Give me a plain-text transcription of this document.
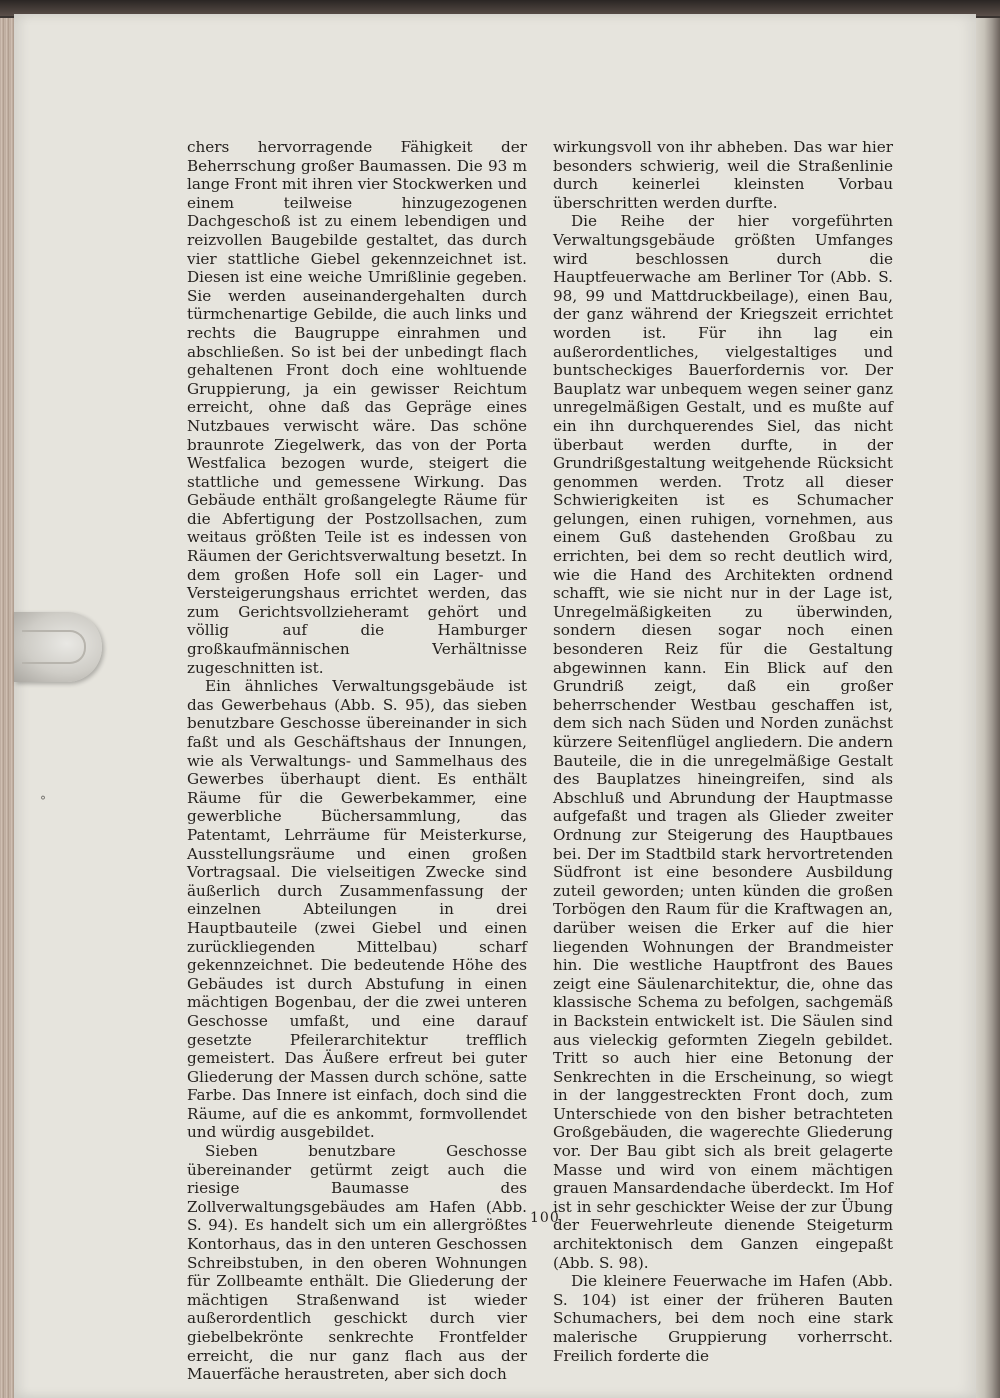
°

chers hervorragende Fähigkeit der Beherrschung großer Baumassen. Die 93 m lange Front mit ihren vier Stockwerken und einem teilweise hinzugezogenen Dachgeschoß ist zu einem lebendigen und reizvollen Baugebilde gestaltet, das durch vier stattliche Giebel gekennzeichnet ist. Diesen ist eine weiche Umrißlinie gegeben. Sie werden auseinandergehalten durch türmchenartige Gebilde, die auch links und rechts die Baugruppe einrahmen und abschließen. So ist bei der unbedingt flach gehaltenen Front doch eine wohltuende Gruppierung, ja ein gewisser Reichtum erreicht, ohne daß das Gepräge eines Nutzbaues verwischt wäre. Das schöne braunrote Ziegelwerk, das von der Porta Westfalica bezogen wurde, steigert die stattliche und gemessene Wirkung. Das Gebäude enthält großangelegte Räume für die Abfertigung der Postzollsachen, zum weitaus größten Teile ist es indessen von Räumen der Gerichtsverwaltung besetzt. In dem großen Hofe soll ein Lager- und Versteigerungshaus errichtet werden, das zum Gerichtsvollzieheramt gehört und völlig auf die Hamburger großkaufmännischen Verhältnisse zugeschnitten ist.

Ein ähnliches Verwaltungsgebäude ist das Gewerbehaus (Abb. S. 95), das sieben benutzbare Geschosse übereinander in sich faßt und als Geschäftshaus der Innungen, wie als Verwaltungs- und Sammelhaus des Gewerbes überhaupt dient. Es enthält Räume für die Gewerbekammer, eine gewerbliche Büchersammlung, das Patentamt, Lehrräume für Meisterkurse, Ausstellungsräume und einen großen Vortragsaal. Die vielseitigen Zwecke sind äußerlich durch Zusammenfassung der einzelnen Abteilungen in drei Hauptbauteile (zwei Giebel und einen zurückliegenden Mittelbau) scharf gekennzeichnet. Die bedeutende Höhe des Gebäudes ist durch Abstufung in einen mächtigen Bogenbau, der die zwei unteren Geschosse umfaßt, und eine darauf gesetzte Pfeilerarchitektur trefflich gemeistert. Das Äußere erfreut bei guter Gliederung der Massen durch schöne, satte Farbe. Das Innere ist einfach, doch sind die Räume, auf die es ankommt, formvollendet und würdig ausgebildet.

Sieben benutzbare Geschosse übereinander getürmt zeigt auch die riesige Baumasse des Zollverwaltungsgebäudes am Hafen (Abb. S. 94). Es handelt sich um ein allergrößtes Kontorhaus, das in den unteren Geschossen Schreibstuben, in den oberen Wohnungen für Zollbeamte enthält. Die Gliederung der mächtigen Straßenwand ist wieder außerordentlich geschickt durch vier giebelbekrönte senkrechte Frontfelder erreicht, die nur ganz flach aus der Mauerfäche heraustreten, aber sich doch

wirkungsvoll von ihr abheben. Das war hier besonders schwierig, weil die Straßenlinie durch keinerlei kleinsten Vorbau überschritten werden durfte.

Die Reihe der hier vorgeführten Verwaltungsgebäude größten Umfanges wird beschlossen durch die Hauptfeuerwache am Berliner Tor (Abb. S. 98, 99 und Mattdruckbeilage), einen Bau, der ganz während der Kriegszeit errichtet worden ist. Für ihn lag ein außerordentliches, vielgestaltiges und buntscheckiges Bauerfordernis vor. Der Bauplatz war unbequem wegen seiner ganz unregelmäßigen Gestalt, und es mußte auf ein ihn durchquerendes Siel, das nicht überbaut werden durfte, in der Grundrißgestaltung weitgehende Rücksicht genommen werden. Trotz all dieser Schwierigkeiten ist es Schumacher gelungen, einen ruhigen, vornehmen, aus einem Guß dastehenden Großbau zu errichten, bei dem so recht deutlich wird, wie die Hand des Architekten ordnend schafft, wie sie nicht nur in der Lage ist, Unregelmäßigkeiten zu überwinden, sondern diesen sogar noch einen besonderen Reiz für die Gestaltung abgewinnen kann. Ein Blick auf den Grundriß zeigt, daß ein großer beherrschender Westbau geschaffen ist, dem sich nach Süden und Norden zunächst kürzere Seitenflügel angliedern. Die andern Bauteile, die in die unregelmäßige Gestalt des Bauplatzes hineingreifen, sind als Abschluß und Abrundung der Hauptmasse aufgefaßt und tragen als Glieder zweiter Ordnung zur Steigerung des Hauptbaues bei. Der im Stadtbild stark hervortretenden Südfront ist eine besondere Ausbildung zuteil geworden; unten künden die großen Torbögen den Raum für die Kraftwagen an, darüber weisen die Erker auf die hier liegenden Wohnungen der Brandmeister hin. Die westliche Hauptfront des Baues zeigt eine Säulenarchitektur, die, ohne das klassische Schema zu befolgen, sachgemäß in Backstein entwickelt ist. Die Säulen sind aus vieleckig geformten Ziegeln gebildet. Tritt so auch hier eine Betonung der Senkrechten in die Erscheinung, so wiegt in der langgestreckten Front doch, zum Unterschiede von den bisher betrachteten Großgebäuden, die wagerechte Gliederung vor. Der Bau gibt sich als breit gelagerte Masse und wird von einem mächtigen grauen Mansardendache überdeckt. Im Hof ist in sehr geschickter Weise der zur Übung der Feuerwehrleute dienende Steigeturm architektonisch dem Ganzen eingepaßt (Abb. S. 98).

Die kleinere Feuerwache im Hafen (Abb. S. 104) ist einer der früheren Bauten Schumachers, bei dem noch eine stark malerische Gruppierung vorherrscht. Freilich forderte die

100
